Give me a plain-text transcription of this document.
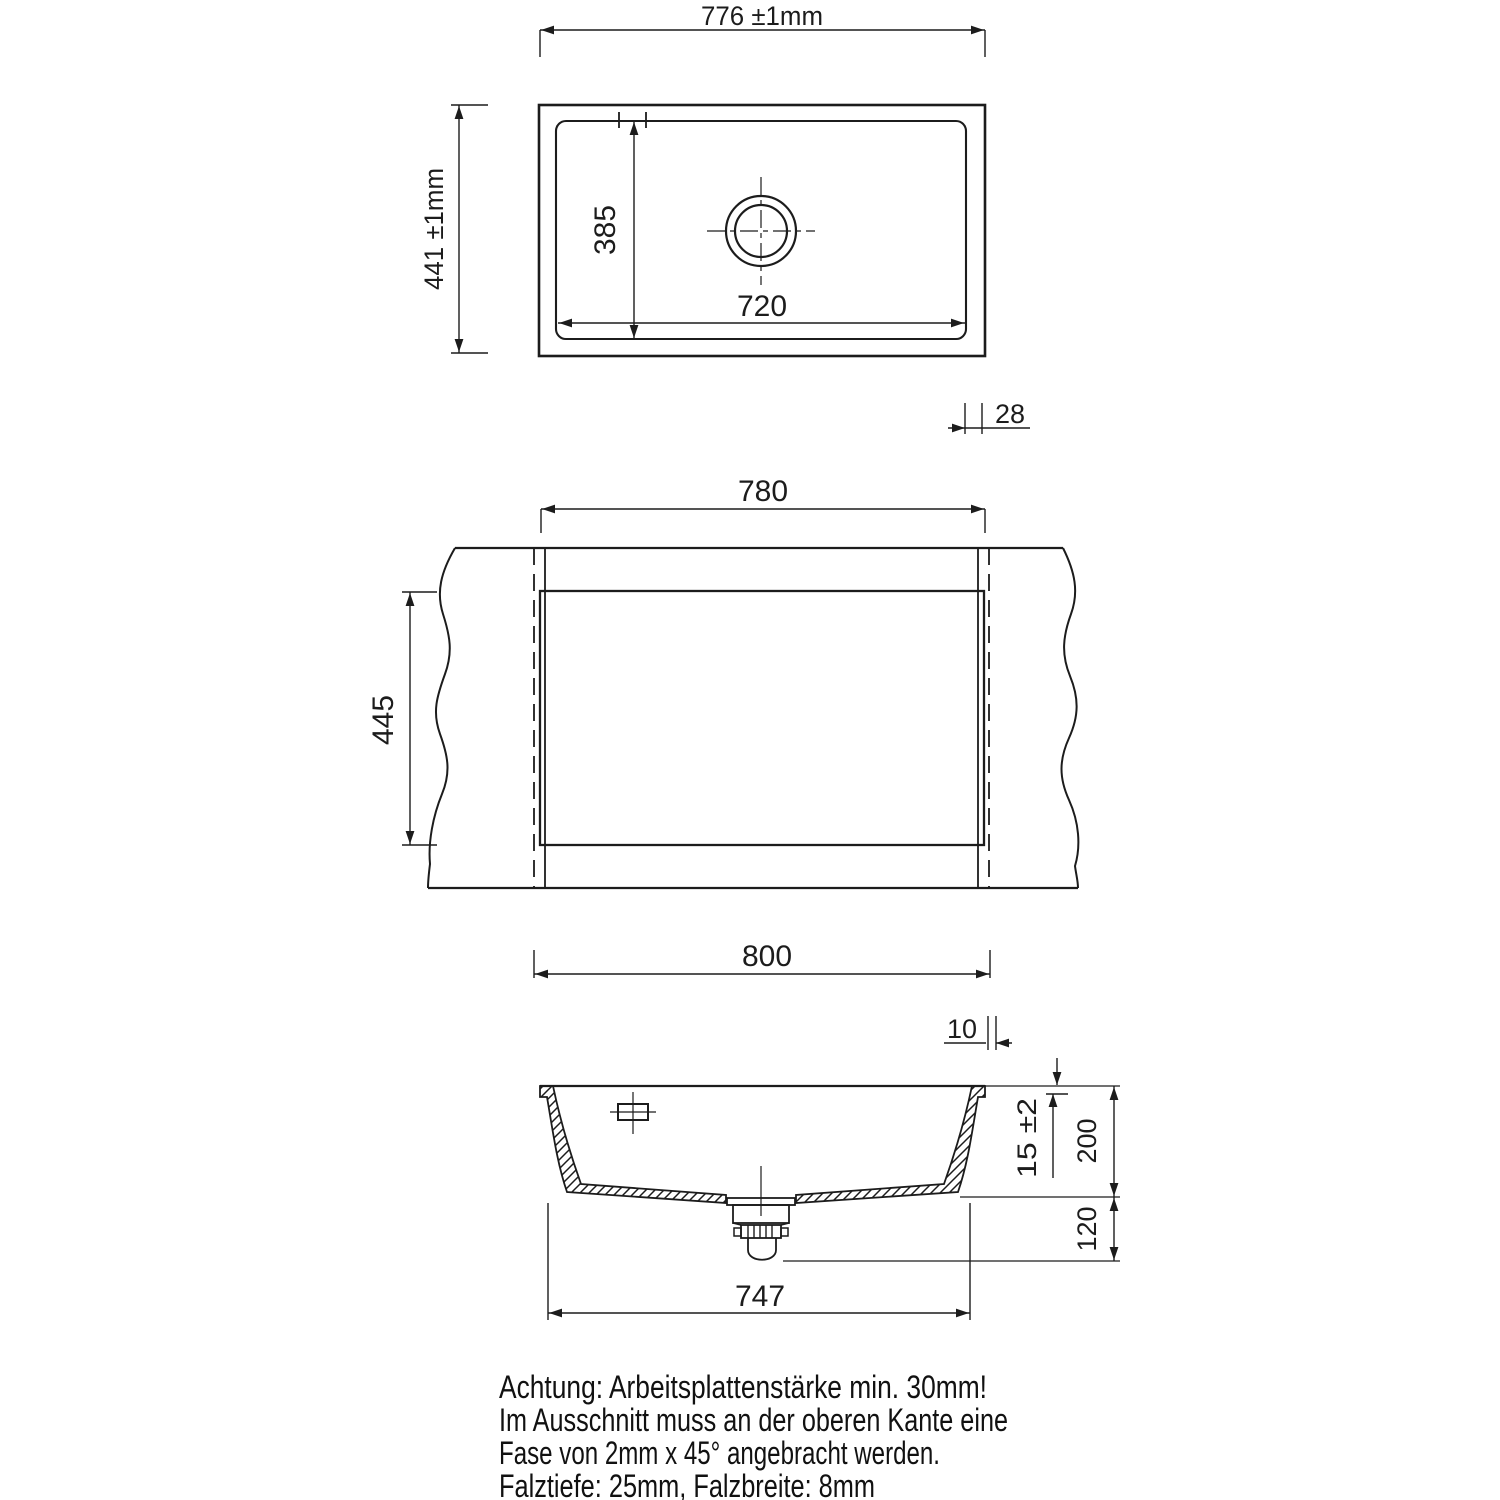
776 ±1mm
441 ±1mm	385
720
28
780
445
800
10
15 ±2 200
120
747
Achtung: Arbeitsplattenstärke min. 30mm!
Im Ausschnitt muss an der oberen Kante eine
Fase von 2mm x 45° angebracht werden.
Falztiefe: 25mm, Falzbreite: 8mm
